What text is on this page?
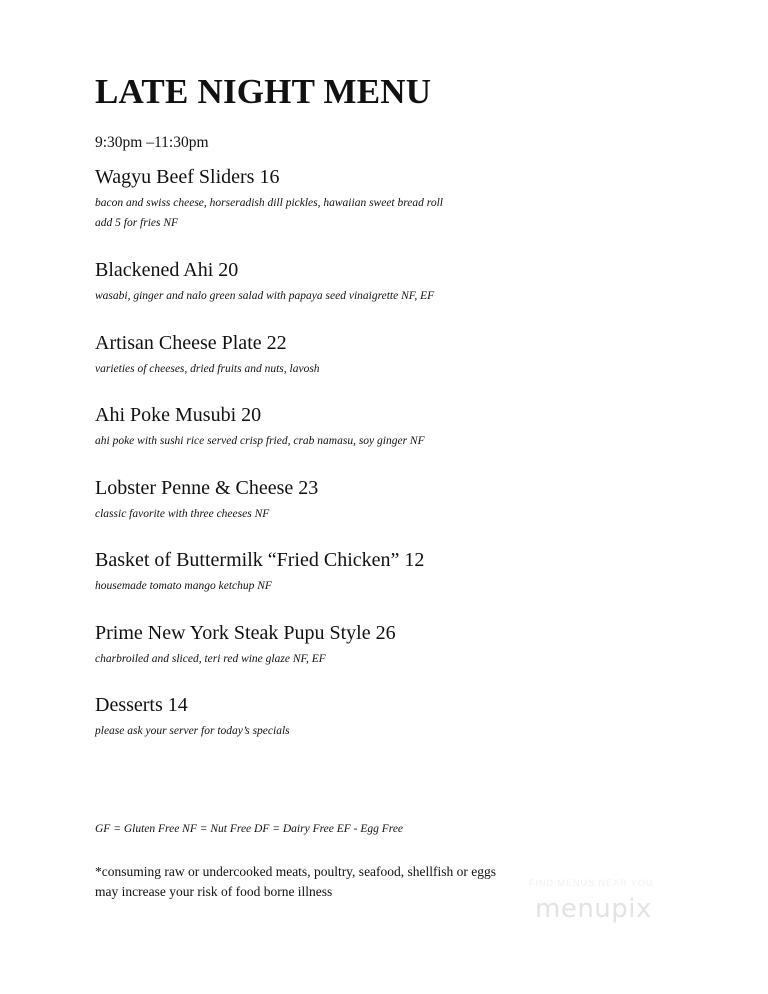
LATE NIGHT MENU
9:30pm –11:30pm
Wagyu Beef Sliders 16
bacon and swiss cheese, horseradish dill pickles, hawaiian sweet bread roll
add 5 for fries NF
Blackened Ahi 20
wasabi, ginger and nalo green salad with papaya seed vinaigrette NF, EF
Artisan Cheese Plate 22
varieties of cheeses, dried fruits and nuts, lavosh
Ahi Poke Musubi 20
ahi poke with sushi rice served crisp fried, crab namasu, soy ginger NF
Lobster Penne & Cheese 23
classic favorite with three cheeses NF
Basket of Buttermilk “Fried Chicken” 12
housemade tomato mango ketchup NF
Prime New York Steak Pupu Style 26
charbroiled and sliced, teri red wine glaze NF, EF
Desserts 14
please ask your server for today’s specials
GF = Gluten Free NF = Nut Free DF = Dairy Free EF - Egg Free
*consuming raw or undercooked meats, poultry, seafood, shellfish or eggs
may increase your risk of food borne illness
FIND MENUS NEAR YOU
menupix
